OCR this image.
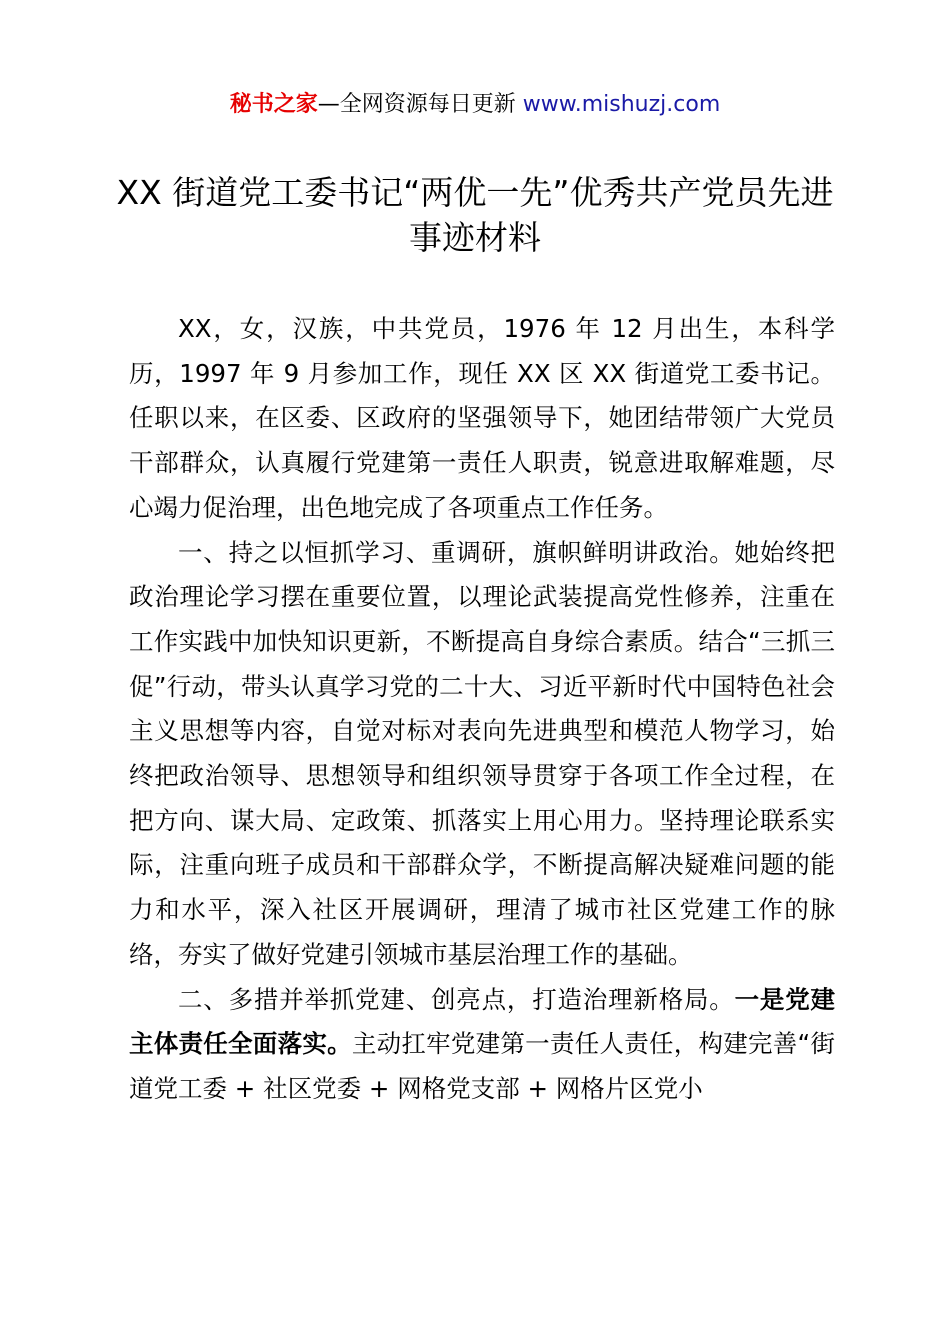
秘书之家—全网资源每日更新 www.mishuzj.com
XX 街道党工委书记“两优一先”优秀共产党员先进事迹材料

XX，女，汉族，中共党员，1976 年 12 月出生，本科学历，1997 年 9 月参加工作，现任 XX 区 XX 街道党工委书记。任职以来，在区委、区政府的坚强领导下，她团结带领广大党员干部群众，认真履行党建第一责任人职责，锐意进取解难题，尽心竭力促治理，出色地完成了各项重点工作任务。

一、持之以恒抓学习、重调研，旗帜鲜明讲政治。她始终把政治理论学习摆在重要位置，以理论武装提高党性修养，注重在工作实践中加快知识更新，不断提高自身综合素质。结合“三抓三促”行动，带头认真学习党的二十大、习近平新时代中国特色社会主义思想等内容，自觉对标对表向先进典型和模范人物学习，始终把政治领导、思想领导和组织领导贯穿于各项工作全过程，在把方向、谋大局、定政策、抓落实上用心用力。坚持理论联系实际，注重向班子成员和干部群众学，不断提高解决疑难问题的能力和水平，深入社区开展调研，理清了城市社区党建工作的脉络，夯实了做好党建引领城市基层治理工作的基础。

二、多措并举抓党建、创亮点，打造治理新格局。一是党建主体责任全面落实。主动扛牢党建第一责任人责任，构建完善“街道党工委 + 社区党委 + 网格党支部 + 网格片区党小
